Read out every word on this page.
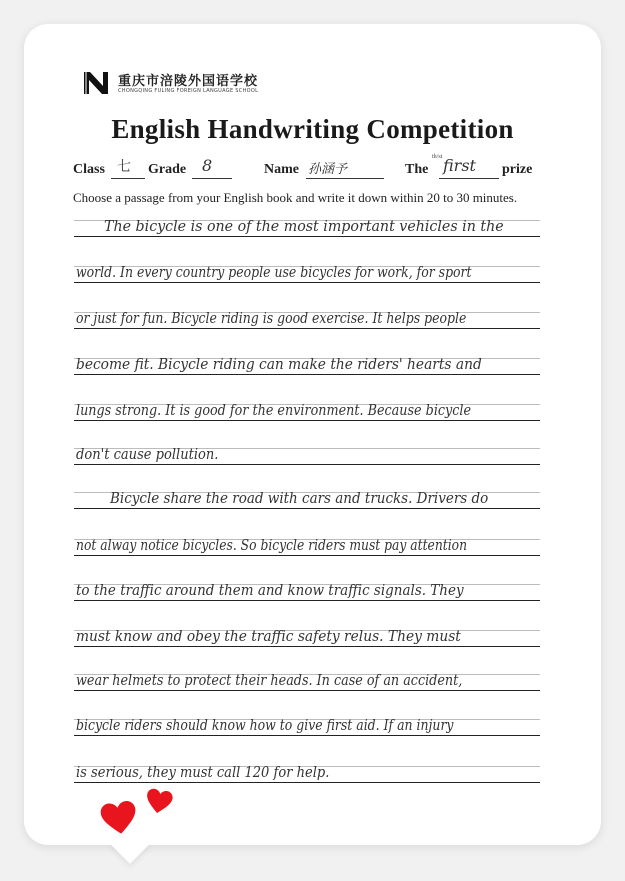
重庆市涪陵外国语学校
CHONGQING FULING FOREIGN LANGUAGE SCHOOL
English Handwriting Competition
Class 七 Grade 8	Name 孙涵予	The
th/st first prize
Choose a passage from your English book and write it down within 20 to 30 minutes.
The bicycle is one of the most important vehicles in the
world. In every country people use bicycles for work, for sport
or just for fun. Bicycle riding is good exercise. It helps people
become fit. Bicycle riding can make the riders' hearts and
lungs strong. It is good for the environment. Because bicycle
don't cause pollution.
Bicycle share the road with cars and trucks. Drivers do
not alway notice bicycles. So bicycle riders must pay attention
to the traffic around them and know traffic signals. They
must know and obey the traffic safety relus. They must
wear helmets to protect their heads. In case of an accident,
bicycle riders should know how to give first aid. If an injury
is serious, they must call 120 for help.
